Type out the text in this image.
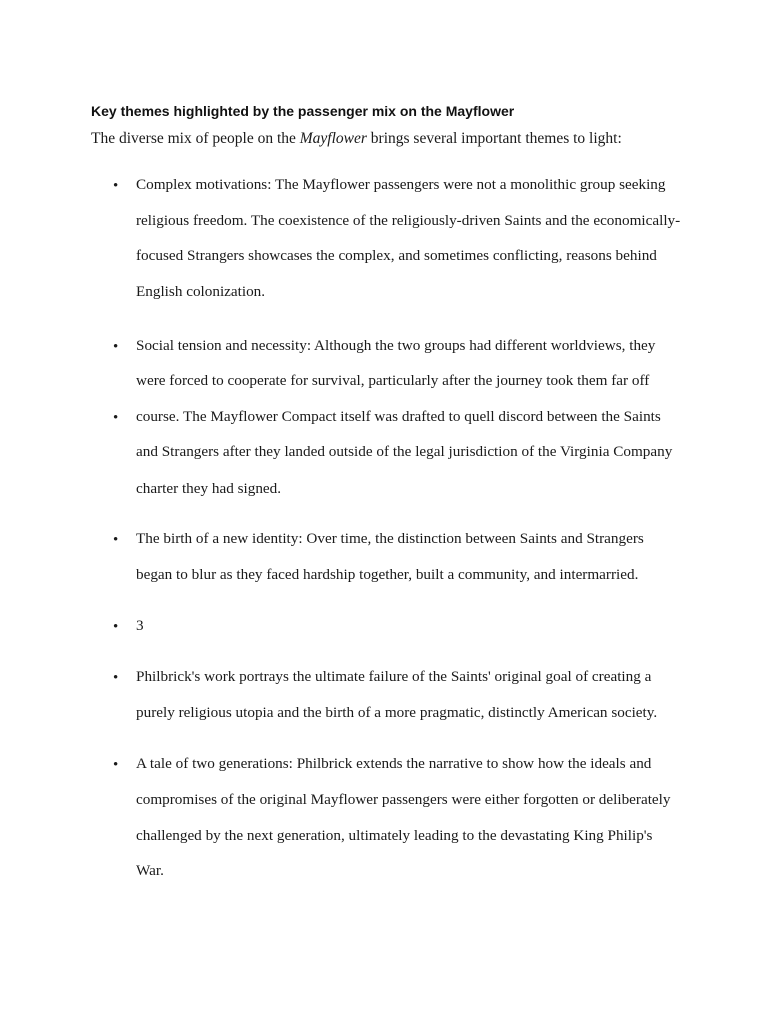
Key themes highlighted by the passenger mix on the Mayflower
The diverse mix of people on the Mayflower brings several important themes to light:
•
•
•
•
•
•
•
Complex motivations: The Mayflower passengers were not a monolithic group seeking
religious freedom. The coexistence of the religiously-driven Saints and the economically-
focused Strangers showcases the complex, and sometimes conflicting, reasons behind
English colonization.
Social tension and necessity: Although the two groups had different worldviews, they
were forced to cooperate for survival, particularly after the journey took them far off
course. The Mayflower Compact itself was drafted to quell discord between the Saints
and Strangers after they landed outside of the legal jurisdiction of the Virginia Company
charter they had signed.
The birth of a new identity: Over time, the distinction between Saints and Strangers
began to blur as they faced hardship together, built a community, and intermarried.
3
Philbrick's work portrays the ultimate failure of the Saints' original goal of creating a
purely religious utopia and the birth of a more pragmatic, distinctly American society.
A tale of two generations: Philbrick extends the narrative to show how the ideals and
compromises of the original Mayflower passengers were either forgotten or deliberately
challenged by the next generation, ultimately leading to the devastating King Philip's
War.
